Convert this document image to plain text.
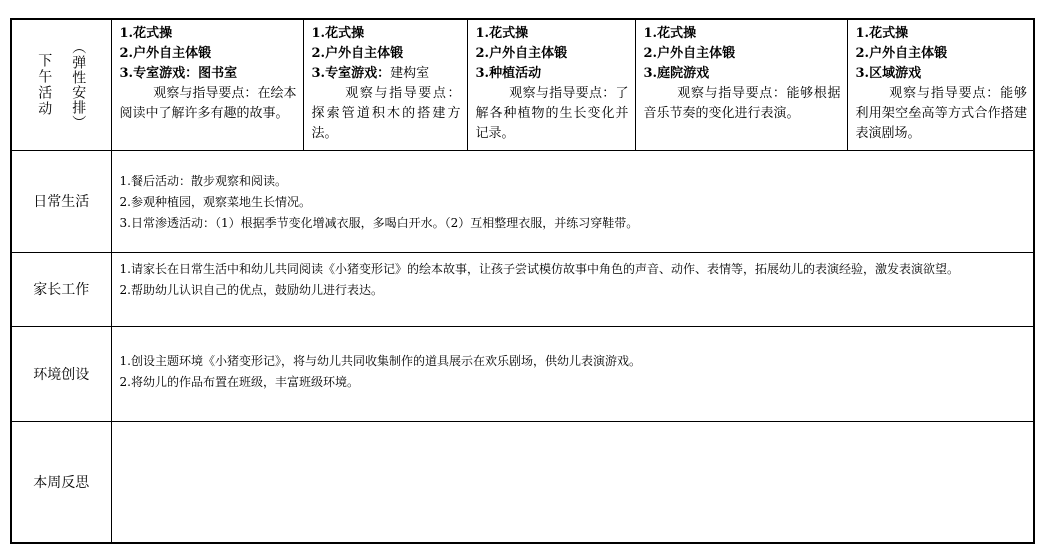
下午活动 （弹性安排）	1.花式操
2.户外自主体锻
3.专室游戏：图书室
观察与指导要点：在绘本阅读中了解许多有趣的故事。	1.花式操
2.户外自主体锻
3.专室游戏：建构室
观察与指导要点：探索管道积木的搭建方法。	1.花式操
2.户外自主体锻
3.种植活动
观察与指导要点：了解各种植物的生长变化并记录。	1.花式操
2.户外自主体锻
3.庭院游戏
观察与指导要点：能够根据音乐节奏的变化进行表演。	1.花式操
2.户外自主体锻
3.区域游戏
观察与指导要点：能够利用架空垒高等方式合作搭建表演剧场。

日常生活	1.餐后活动：散步观察和阅读。

2.参观种植园，观察菜地生长情况。

3.日常渗透活动：（1）根据季节变化增减衣服，多喝白开水。（2）互相整理衣服，并练习穿鞋带。				

家长工作	1.请家长在日常生活中和幼儿共同阅读《小猪变形记》的绘本故事，让孩子尝试模仿故事中角色的声音、动作、表情等，拓展幼儿的表演经验，激发表演欲望。

2.帮助幼儿认识自己的优点，鼓励幼儿进行表达。				

环境创设	1.创设主题环境《小猪变形记》，将与幼儿共同收集制作的道具展示在欢乐剧场，供幼儿表演游戏。

2.将幼儿的作品布置在班级，丰富班级环境。				

本周反思					
